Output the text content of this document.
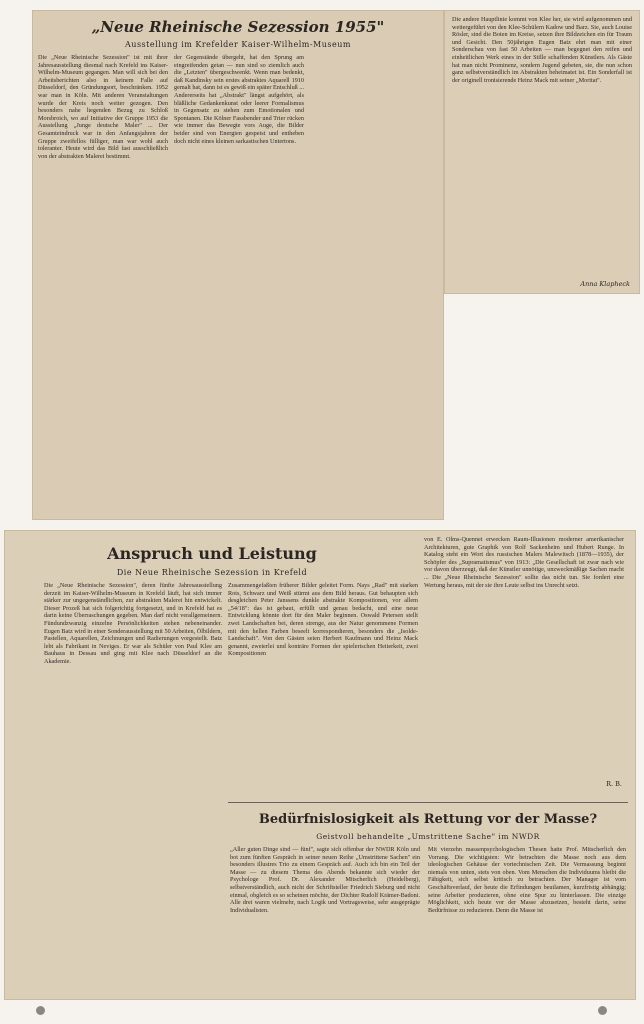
„Neue Rheinische Sezession 1955"
Ausstellung im Krefelder Kaiser-Wilhelm-Museum
Die „Neue Rheinische Sezession" ist mit ihrer Jahresausstellung diesmal nach Krefeld ins Kaiser-Wilhelm-Museum gegangen. Man will sich bei den Arbeitsberichten also in keinem Falle auf Düsseldorf, den Gründungsort, beschränken. 1952 war man in Köln. Mit anderen Veranstaltungen wurde der Kreis noch weiter gezogen. Den besonders nahe liegenden Bezug zu Schloß Morsbroich, wo auf Initiative der Gruppe 1953 die Ausstellung „Junge deutsche Maler" ... Der Gesamteindruck war in den Anfangsjahren der Gruppe zweifellos fülliger, man war wohl auch toleranter. Heute wird das Bild fast ausschließlich von der abstrakten Malerei bestimmt.
der Gegenstände übergeht, hat den Sprung am eingreifenden getan — nun sind so ziemlich auch die „Letzten" übergeschwenkt. Wenn man bedenkt, daß Kandinsky sein erstes abstraktes Aquarell 1910 gemalt hat, dann ist es gewiß ein später Entschluß ... Andererseits hat „Abstrakt" längst aufgehört, als bläßliche Gedankenkunst oder leerer Formalismus in Gegensatz zu stehen zum Emotionalen und Spontanen. Die Kölner Fassbender und Trier rücken wie immer das Bewegte vors Auge, die Bilder beider sind von Energien gespeist und entheben doch nicht eines kleinen sarkastischen Untertons.
Die andere Hauptlinie kommt von Klee her, sie wird aufgenommen und weitergeführt von den Klee-Schülern Kadow und Barz. Sie, auch Louise Rösler, sind die Boten im Kreise, setzen ihre Bildzeichen ein für Traum und Gesicht. Den 50jährigen Eugen Batz ehrt man mit einer Sonderschau von fast 50 Arbeiten — man begegnet den reifen und einheitlichen Werk eines in der Stille schaffenden Künstlers. Als Gäste hat man nicht Prominenz, sondern Jugend gebeten, sie, die nun schon ganz selbstverständlich im Abstrakten beheimatet ist. Ein Sonderfall ist der originell tronisierende Heinz Mack mit seiner „Moritat".
Anna Klapheck
Anspruch und Leistung
Die Neue Rheinische Sezession in Krefeld
Die „Neue Rheinische Sezession", deren fünfte Jahresausstellung derzeit im Kaiser-Wilhelm-Museum in Krefeld läuft, hat sich immer stärker zur ungegenständlichen, zur abstrakten Malerei hin entwickelt. Dieser Prozeß hat sich folgerichtig fortgesetzt, und in Krefeld hat es darin keine Überraschungen gegeben. Man darf nicht verallgemeinern. Fündundzwanzig einzelne Persönlichkeiten stehen nebeneinander. Eugen Batz wird in einer Sonderausstellung mit 50 Arbeiten, Ölbildern, Pastellen, Aquarellen, Zeichnungen und Radierungen vorgestellt. Batz lebt als Fabrikant in Neviges. Er war als Schüler von Paul Klee am Bauhaus in Dessau und ging mit Klee nach Düsseldorf an die Akademie.
Zusammengefaßten früherer Bilder geleitet Form. Nays „Rad" mit starken Rots, Schwarz und Weiß stürmt aus dem Bild heraus. Gut behaupten sich desgleichen Peter Janssens dunkle abstrakte Kompositionen, vor allem „54/18": das ist gebaut, erfüllt und genau bedacht, und eine neue Entwicklung könnte dort für den Maler beginnen. Oswald Petersen stellt zwei Landschaften bei, deren strenge, aus der Natur genommene Formen mit den hellen Farben beseelt korrespondieren, besonders die „Isolde-Landschaft". Von den Gästen seien Herbert Kaufmann und Heinz Mack genannt, zweierlei und konträre Formen der spielerischen Heiterkeit, zwei Kompositionen
von E. Olms-Quennet erwecken Raum-Illusionen moderner amerikanischer Architekturen, gute Graphik von Rolf Sackenheim und Hubert Runge. In Katalog steht ein Wort des russischen Malers Malewitsch (1878—1935), der Schöpfer des „Supramatismus" von 1913: „Die Gesellschaft ist zwar nach wie vor davon überzeugt, daß der Künstler unnötige, unzweckmäßige Sachen macht ... Die „Neue Rheinische Sezession" sollte das nicht tun. Sie fordert eine Wertung heraus, mit der sie ihre Leute selbst ins Unrecht setzt.
R. B.
Bedürfnislosigkeit als Rettung vor der Masse?
Geistvoll behandelte „Umstrittene Sache" im NWDR
„Aller guten Dinge sind — fünf", sagte sich offenbar der NWDR Köln und bot zum fünften Gespräch in seiner neuen Reihe „Umstrittene Sachen" ein besonders illustres Trio zu einem Gespräch auf. Auch ich bin ein Teil der Masse — zu diesem Thema des Abends bekannte sich wieder der Psychologe Prof. Dr. Alexander Mitscherlich (Heidelberg), selbstverständlich, auch nicht der Schriftsteller Friedrich Sieburg und nicht einmal, obgleich es so scheinen möchte, der Dichter Rudolf Krämer-Badoni. Alle drei waren vielmehr, nach Logik und Vortragsweise, sehr ausgeprägte Individualisten.
Mit vierzehn massenpsychologischen Thesen hatte Prof. Mitscherlich den Vorrang. Die wichtigsten: Wir betrachten die Masse noch aus dem ideologischen Gehäuse der vortechnischen Zeit. Die Vermassung beginnt niemals von unten, stets von oben. Vom Menschen die Individuums bleibt die Fähigkeit, sich selbst kritisch zu betrachten. Der Manager ist vom Geschäftsverlauf, der heute die Erfindungen beutlamen, kurzfristig abhängig; seine Arbeiter produzieren, ohne eine Spur zu hinterlassen. Die einzige Möglichkeit, sich heute vor der Masse abzusetzen, besteht darin, seine Bedürfnisse zu reduzieren. Denn die Masse ist
